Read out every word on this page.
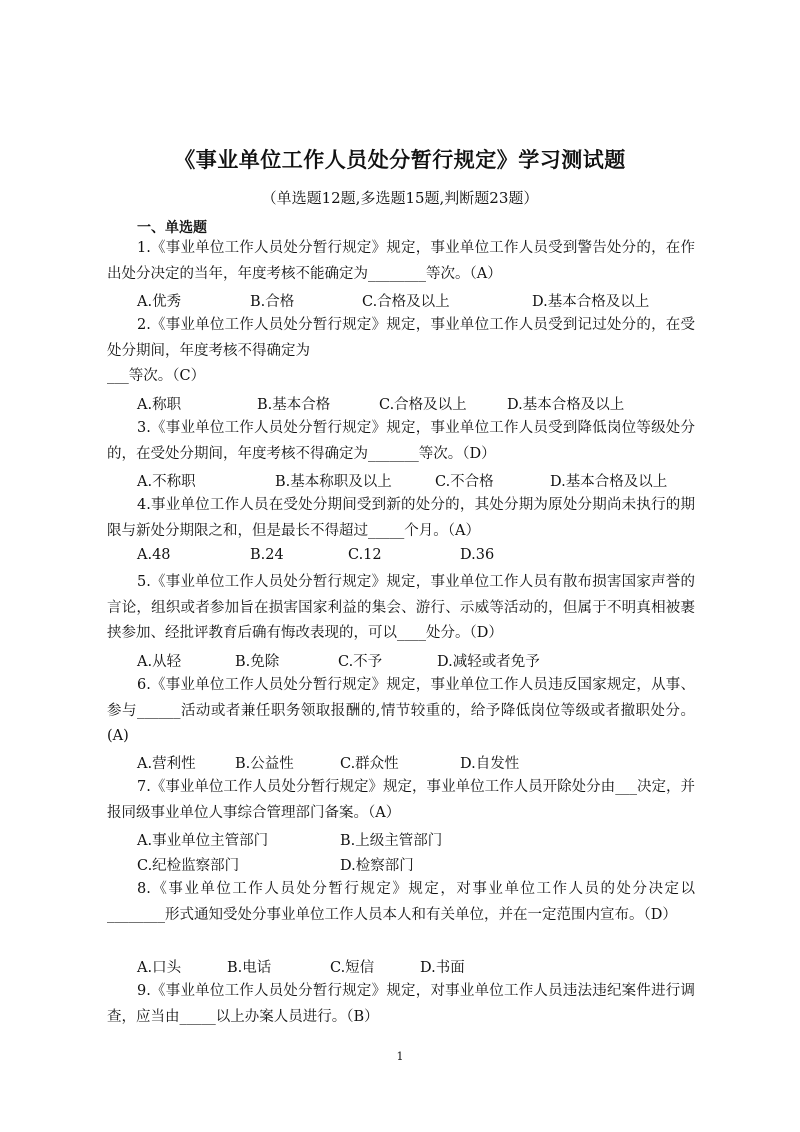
《事业单位工作人员处分暂行规定》学习测试题
（单选题12题,多选题15题,判断题23题）
一、单选题

1.《事业单位工作人员处分暂行规定》规定，事业单位工作人员受到警告处分的，在作出处分决定的当年，年度考核不能确定为________等次。（A）

A.优秀	B.合格	C.合格及以上	D.基本合格及以上

2.《事业单位工作人员处分暂行规定》规定，事业单位工作人员受到记过处分的，在受处分期间，年度考核不得确定为

___等次。（C）

A.称职	B.基本合格	C.合格及以上	D.基本合格及以上

3.《事业单位工作人员处分暂行规定》规定，事业单位工作人员受到降低岗位等级处分的，在受处分期间，年度考核不得确定为_______等次。（D）

A.不称职	B.基本称职及以上	C.不合格	D.基本合格及以上

4.事业单位工作人员在受处分期间受到新的处分的，其处分期为原处分期尚未执行的期限与新处分期限之和，但是最长不得超过_____个月。（A）

A.48	B.24	C.12	D.36

5.《事业单位工作人员处分暂行规定》规定，事业单位工作人员有散布损害国家声誉的言论，组织或者参加旨在损害国家利益的集会、游行、示威等活动的，但属于不明真相被裹挟参加、经批评教育后确有悔改表现的，可以____处分。（D）

A.从轻	B.免除	C.不予	D.减轻或者免予

6.《事业单位工作人员处分暂行规定》规定，事业单位工作人员违反国家规定，从事、参与______活动或者兼任职务领取报酬的,情节较重的，给予降低岗位等级或者撤职处分。(A)

A.营利性	B.公益性	C.群众性	D.自发性

7.《事业单位工作人员处分暂行规定》规定，事业单位工作人员开除处分由___决定，并报同级事业单位人事综合管理部门备案。（A）

A.事业单位主管部门	B.上级主管部门
C.纪检监察部门	D.检察部门

8.《事业单位工作人员处分暂行规定》规定，对事业单位工作人员的处分决定以 ________形式通知受处分事业单位工作人员本人和有关单位，并在一定范围内宣布。（D）

A.口头	B.电话	C.短信	D.书面

9.《事业单位工作人员处分暂行规定》规定，对事业单位工作人员违法违纪案件进行调查，应当由_____以上办案人员进行。（B）

1
